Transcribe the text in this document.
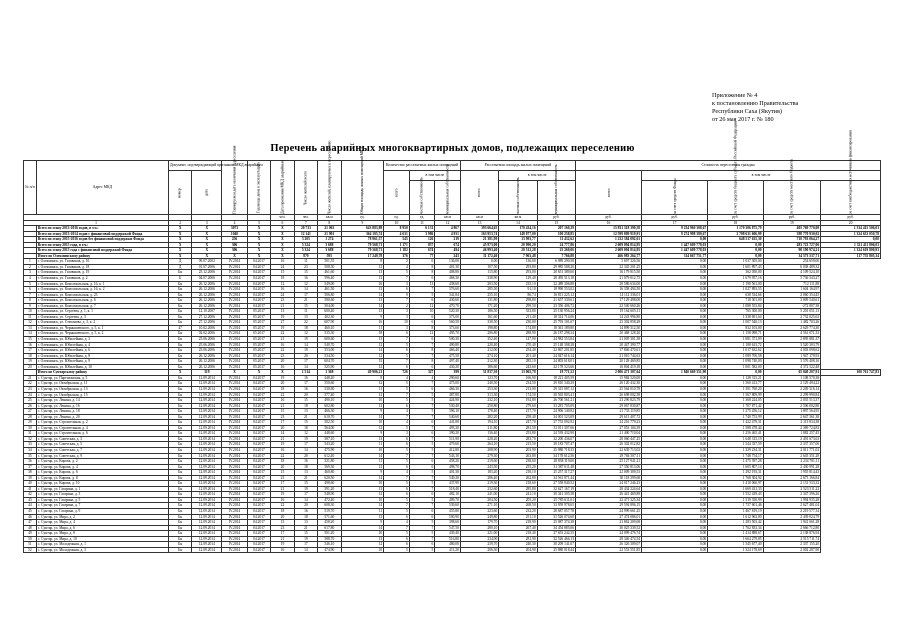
Приложение № 4
к постановлению Правительства
Республики Саха (Якутия)
от 26 мая 2017 г. № 180
Перечень аварийных многоквартирных домов, подлежащих переселению
№ п/п	Адрес МКД	Документ, подтверждающий признание МКД аварийным		Планируемая дата окончания переселения	Год ввода дома в эксплуатацию	Дата признания МКД аварийным	Число жителей всего	Число жителей, планируемых к переселению	Общая площадь жилых помещений МКД	Количество расселяемых жилых помещений			Расселяемая площадь жилых помещений			Стоимость переселения граждан				
		номер	дата							всего	в том числе		всего	в том числе		всего	в том числе			
											частная собственность	муниципальная собственность		частная собственность	муниципальная собственность		за счет средств Фонда	за счет средств бюджета субъекта Российской Федерации	за счет средств местного бюджета	за счет внебюджетных источников финансирования
						чел.	чел.	кв.м	ед.	ед.	ед.	кв.м	кв.м	кв.м	руб.	руб.	руб.	руб.	руб.	руб.
1		2	3	4	5	6	7	8	9	10	11	12	13	14	15	16	17	18	19	20
	Всего по этапу 2013-2016 годов, в т.ч.:	Х	Х	3073	Х	Х	20 733	21 063	643 883,89	8 950	6 131	4 867	393 664,65	170 434,16	207 160,29	15 831 318 390,58	9 234 960 308,67	1 170 306 875,79	405 769 770,08	1 334 415 506,03
	Всего по этапу 2013-2014 годов с финансовой поддержкой Фонда	Х	Х	1040	Х	Х	12 141	21 901	364 105,74	4 631	3 986	4 931	163 953,74	148 077,00	100 258,85	12 599 809 919,91	9 274 998 380,67	2 708 631 606,99	398 770 930,02	1 324 633 050,78
	Всего по этапу 2015-2016 годов без финансовой поддержки Фонда	Х	Х	256	Х	Х	3 205	1 274	78 961,57	545	126	219	21 381,99	13 993,77	11 432,62	1 232 384 092,61	0,00	648 517 635,30	710 793 064,27	0,00
	Всего по этапу 2015 года, в т.ч.:	Х	Х	306	Х	Х	5 324	3 688	79 568,71	1 171	837	674	45 973,00	20 990,20	24 777,86	2 609 094 814,95	1 447 609 778,03	0,00	483 723 727,06	1 321 411 806,03
	Всего по этапу 2015 года с финансовой поддержкой Фонда	Х	Х	306	Х	Х	5 324	3 688	79 568,71	1 182	674	494	46 993,40	20 512,28	25 260,06	2 609 094 814,95	1 447 609 778,03	0,00	98 190 974,21	1 324 619 800,93
	Итого по Олекминскому району	Х	Х	Х	Х	Х	870	595	17 249,78	376	77	243	11 172,40	7 963,48	7 766,88	466 983 264,77	314 667 751,77	0,00	34 573 537,71	117 755 805,34
1	г. Олекминск, ул. Газовиков, д. 16	Д	09.07.2002	IV.2014	04.2017	16	11	501,55	8	2	6	136,00	0,00	136,00	6 989 290,58	5 697 326,56	0,00	1 037 305,00	254 659,00	
2	г. Олекминск, ул. Газовиков, д. 18	Д	01.07.2006	IV.2014	04.2017	24	23	508,50	12	4	8	401,30	107,50	293,80	29 985 588,20	22 345 201,25	0,00	1 601 897,43	6 038 489,32	
3	г. Олекминск, ул. Газовиков, д. 19	Бн	25.12.2006	IV.2014	04.2017	15	15	461,60	13	5	8	408,80	115,80	293,00	20 651 389,60	16 179 815,50	0,00	362 050,00	4 109 524,10	
4	г. Олекминск, ул. Газовиков, д. 2	Б	04.07.2006	IV.2014	04.2017	18	16	596,40	13	7	6	468,30	338,90	129,40	28 495 513,18	21 079 012,75	0,00	1 679 957,16	5 736 543,27	
5	г. Олекминск, ул. Комсомольская, д. 16, к. 1	Бн	26.12.2006	IV.2014	04.2017	12	12	549,00	16	3	13	438,60	203,50	235,10	22 489 306,88	20 586 634,00	0,00	1 190 561,00	712 111,88	
6	г. Олекминск, ул. Комсомольская, д. 16, к. 2	Бн	26.12.2006	IV.2014	04.2017	16	14	461,50	13	6	7	376,60	285,50	91,10	18 990 553,02	16 358 494,50	0,00	1 027 893,55	1 604 164,97	
7	г. Олекминск, ул. Комсомольская, д. 23	Бн	26.12.2006	IV.2014	04.2017	24	17	506,80	14	9	5	341,84	255,10	86,74	16 811 225,12	14 112 336,01	0,00	638 534,66	2 060 354,45	
8	г. Олекминск, ул. Комсомольская, д. 6	Бн	26.12.2006	IV.2014	04.2017	23	21	580,60	13	7	6	430,60	131,80	298,80	21 657 339,61	17 129 498,00	0,00	718 301,00	3 809 540,61	
9	г. Олекминск, ул. Комсомольская, д. 7	Бн	26.12.2006	IV.2014	04.2017	21	15	504,00	14	2	12	470,70	171,20	299,50	23 356 406,72	22 540 660,26	0,00	1 088 553,84	-272 807,38	
10	г. Олекминск, ул. Сергеева, д. 1, к. 1	Бн	12.10.2007	IV.2014	05.2017	13	11	600,40	13	3	10	520,30	186,50	333,80	25 130 956,24	19 164 605,11	0,00	765 300,00	5 201 051,13	
11	г. Олекминск, ул. Сергеева, д. 3	Бн	27.12.2006	IV.2014	05.2017	19	13	402,30	9	3	6	373,00	161,60	211,40	18 314 714,06	14 243 996,80	0,00	1 338 691,64	2 732 025,62	
12	г. Олекминск, ул. Степанова, д. 3, к. 2	Бн	27.12.2006	IV.2014	05.2017	27	22	607,90	16	10	6	560,50	330,50	230,00	25 793 101,67	23 302 858,28	0,00	1 007 540,13	1 482 703,26	
13	г. Олекминск, ул. Чернышевского, д. 5, к. 1	47	10.02.2006	IV.2014	05.2017	19	18	460,10	11	3	8	373,60	198,80	174,80	18 361 189,80	14 899 312,50	0,00	832 103,00	2 629 774,30	
14	г. Олекминск, ул. Чернышевского, д. 5, к. 2	Бн	02.02.2006	IV.2014	05.2017	22	12	535,30	18	6	12	495,70	206,80	288,90	26 187 298,24	20 468 128,20	0,00	1 158 098,71	4 561 071,33	
15	г. Олекминск, ул. Юбилейная, д. 3	Бн	25.06.2006	IV.2014	05.2017	21	19	600,60	13	7	6	500,30	352,40	147,90	24 982 553,84	21 005 301,38	0,00	1 081 371,09	2 895 881,37	
16	г. Олекминск, ул. Юбилейная, д. 4	Бн	25.06.2006	IV.2014	05.2017	16	14	540,70	12	5	7	490,80	220,40	270,40	25 148 308,28	20 447 390,77	0,00	1 180 613,72	3 520 303,79	
17	г. Олекминск, ул. Юбилейная, д. 6	Бн	25.06.2006	IV.2014	05.2017	22	19	553,00	14	6	8	466,40	212,00	254,40	22 867 201,85	17 846 470,61	0,00	1 017 632,62	4 003 098,62	
18	г. Олекминск, ул. Юбилейная, д. 8	Бн	26.12.2006	IV.2014	05.2017	23	20	534,50	12	5	7	475,50	274,10	201,40	24 047 616,14	21 010 744,63	0,00	1 089 700,58	1 947 170,93	
19	г. Олекминск, ул. Юбилейная, д. 9	Бн	26.12.2006	IV.2014	05.2017	20	17	604,70	15	7	8	497,40	212,30	285,10	24 803 618,01	20 128 469,85	0,00	1 098 740,00	3 576 408,16	
20	г. Олекминск, ул. Юбилейная, д. 10	Бн	26.12.2006	IV.2014	05.2017	16	14	525,90	12	6	6	430,20	186,60	243,60	22 178 523,66	16 804 419,18	0,00	1 001 582,00	4 372 522,48	
	Итого по Сунтарскому району	Х	319	Х	Х	Х	1 514	1 368	49 906,21	726	327	399	31 837,30	13 065,78	18 771,52	2 006 471 307,64	1 840 669 351,90	0,00	65 040 207,91	100 761 747,83
21	с. Сунтар, ул. Партизанская, д. 5	Бн	12.09.2014	IV.2014	04.2017	19	16	448,20	8	4	4	290,60	123,70	166,90	18 221 405,59	15 984 520,00	0,00	1 128 315,21	1 108 570,38	
22	с. Сунтар, ул. Октябрьская, д. 11	Бн	12.09.2014	IV.2014	04.2017	20	17	550,60	12	5	7	475,00	240,50	234,50	29 810 340,29	26 120 432,30	0,00	1 560 413,77	2 129 494,22	
23	с. Сунтар, ул. Октябрьская, д. 13	Бн	12.09.2014	IV.2014	04.2017	18	16	530,90	11	5	6	466,30	253,30	213,00	29 315 087,12	25 564 010,78	0,00	1 501 760,20	2 249 316,14	
24	с. Сунтар, ул. Октябрьская, д. 15	Бн	12.09.2014	IV.2014	04.2017	22	20	577,40	12	7	5	487,80	313,30	174,50	30 565 803,41	26 698 002,58	0,00	1 567 809,99	2 299 990,84	
25	с. Сунтар, ул. Ленина, д. 14	Бн	12.09.2014	IV.2014	04.2017	16	15	490,10	10	5	5	424,90	232,10	192,80	26 700 561,21	23 296 823,79	0,00	1 368 224,05	2 035 513,37	
26	с. Сунтар, ул. Ленина, д. 16	Бн	12.09.2014	IV.2014	04.2017	21	18	602,80	13	6	7	530,40	250,80	279,60	33 281 705,09	29 067 830,87	0,00	1 707 871,42	2 506 002,80	
27	с. Сунтар, ул. Ленина, д. 18	Бн	12.09.2014	IV.2014	04.2017	15	13	466,30	9	4	5	396,10	178,40	217,70	24 906 140,92	21 733 119,85	0,00	1 275 456,12	1 897 564,95	
28	с. Сунтар, ул. Ленина, д. 20	Бн	12.09.2014	IV.2014	04.2017	23	21	610,70	14	7	7	540,60	282,20	258,40	34 001 523,09	29 613 407,72	0,00	1 740 753,99	2 647 361,38	
29	с. Сунтар, ул. Строительная, д. 2	Бн	12.09.2014	IV.2014	04.2017	17	15	502,50	10	4	6	441,80	194,10	247,70	27 753 092,92	24 216 779,23	0,00	1 422 479,31	2 113 834,38	
30	с. Сунтар, ул. Строительная, д. 4	Бн	12.09.2014	IV.2014	04.2017	20	18	564,00	12	5	7	493,30	211,80	281,50	31 011 307,66	27 053 104,39	0,00	1 588 478,44	2 369 724,83	
31	с. Сунтар, ул. Строительная, д. 6	Бн	12.09.2014	IV.2014	04.2017	14	12	448,60	9	3	6	390,20	136,40	253,80	24 539 432,90	21 400 710,04	0,00	1 256 465,41	1 882 257,45	
32	с. Сунтар, ул. Советская, д. 3	Бн	12.09.2014	IV.2014	04.2017	21	19	587,10	13	6	7	511,90	228,20	283,70	32 200 436,07	28 060 447,25	0,00	1 648 315,19	2 491 673,63	
33	с. Сунтар, ул. Советская, д. 5	Бн	12.09.2014	IV.2014	04.2017	19	17	543,20	11	6	5	479,60	264,10	215,50	30 183 707,47	26 302 012,82	0,00	1 544 337,59	2 337 357,06	
34	с. Сунтар, ул. Советская, д. 7	Бн	12.09.2014	IV.2014	04.2017	16	14	475,90	10	5	5	412,80	208,90	203,90	25 980 718,35	22 639 713,02	0,00	1 329 234,31	2 011 771,02	
35	с. Сунтар, ул. Советская, д. 9	Бн	12.09.2014	IV.2014	04.2017	22	20	612,40	14	7	7	543,10	279,30	263,80	34 178 612,56	29 784 507,11	0,00	1 748 754,17	2 645 351,28	
36	с. Сунтар, ул. Кирова, д. 2	Бн	12.09.2014	IV.2014	04.2017	18	16	521,80	11	5	6	458,20	219,60	238,60	28 838 119,60	25 127 941,21	0,00	1 475 397,28	2 234 781,11	
37	с. Сунтар, ул. Кирова, д. 4	Бн	12.09.2014	IV.2014	04.2017	20	18	569,30	12	6	6	498,70	243,50	255,20	31 387 611,48	27 350 813,06	0,00	1 605 807,14	2 430 991,28	
38	с. Сунтар, ул. Кирова, д. 6	Бн	12.09.2014	IV.2014	04.2017	15	13	460,80	9	4	5	401,30	183,20	218,10	25 257 317,27	22 009 309,53	0,00	1 292 193,31	1 955 814,43	
39	с. Сунтар, ул. Кирова, д. 8	Бн	12.09.2014	IV.2014	04.2017	23	21	620,50	14	7	7	549,20	286,40	262,80	34 561 871,44	30 118 399,68	0,00	1 768 304,92	2 675 166,84	
40	с. Сунтар, ул. Кирова, д. 10	Бн	12.09.2014	IV.2014	04.2017	17	15	498,60	10	5	5	437,90	219,30	218,60	27 558 840,52	24 017 246,23	0,00	1 410 060,97	2 131 533,32	
41	с. Сунтар, ул. Гагарина, д. 1	Бн	12.09.2014	IV.2014	04.2017	21	19	591,20	13	6	7	518,40	232,60	285,80	32 627 167,19	28 434 224,64	0,00	1 669 431,33	2 523 511,22	
42	с. Сунтар, ул. Гагарина, д. 3	Бн	12.09.2014	IV.2014	04.2017	19	17	548,90	12	6	6	482,10	241,00	241,10	30 341 305,58	26 441 469,89	0,00	1 552 439,43	2 347 396,26	
43	с. Сунтар, ул. Гагарина, д. 5	Бн	12.09.2014	IV.2014	04.2017	16	14	472,40	10	5	5	409,70	204,50	205,20	25 785 611,61	22 471 325,34	0,00	1 319 350,99	1 994 935,28	
44	с. Сунтар, ул. Гагарина, д. 7	Бн	12.09.2014	IV.2014	04.2017	22	20	608,30	14	7	7	539,60	271,10	268,50	33 959 978,65	29 594 896,15	0,00	1 737 601,46	2 627 481,04	
45	с. Сунтар, ул. Гагарина, д. 9	Бн	12.09.2014	IV.2014	04.2017	18	16	519,70	11	5	6	455,80	223,60	232,20	28 687 057,78	24 999 661,25	0,00	1 467 819,19	2 219 577,34	
46	с. Сунтар, ул. Мира, д. 2	Бн	12.09.2014	IV.2014	04.2017	20	18	571,60	12	6	6	500,90	249,80	251,10	31 526 074,60	27 474 086,01	0,00	1 612 963,80	2 439 024,79	
47	с. Сунтар, ул. Мира, д. 4	Бн	12.09.2014	IV.2014	04.2017	15	13	458,20	9	4	5	398,60	179,70	218,90	25 087 374,38	21 862 209,68	0,00	1 283 503,42	1 941 661,28	
48	с. Сунтар, ул. Мира, д. 6	Бн	12.09.2014	IV.2014	04.2017	23	21	617,80	14	7	7	547,50	280,10	267,40	34 454 885,66	30 025 339,52	0,00	1 762 833,34	2 666 712,80	
49	с. Сунтар, ул. Мира, д. 8	Бн	12.09.2014	IV.2014	04.2017	17	15	501,20	10	5	5	439,40	221,00	218,40	27 653 242,35	24 099 476,74	0,00	1 414 888,67	2 138 876,94	
50	с. Сунтар, ул. Мира, д. 10	Бн	12.09.2014	IV.2014	04.2017	21	19	588,70	13	6	7	516,80	234,90	281,90	32 526 466,13	28 346 474,54	0,00	1 664 279,85	2 515 711,74	
51	с. Сунтар, ул. Молодежная, д. 1	Бн	12.09.2014	IV.2014	04.2017	19	17	546,10	12	6	6	480,00	239,70	240,30	30 209 141,67	26 326 309,07	0,00	1 545 677,40	2 337 155,20	
52	с. Сунтар, ул. Молодежная, д. 3	Бн	12.09.2014	IV.2014	04.2017	16	14	474,90	10	5	5	411,20	206,30	204,90	25 880 018,44	22 553 551,85	0,00	1 324 178,69	2 002 287,90	
